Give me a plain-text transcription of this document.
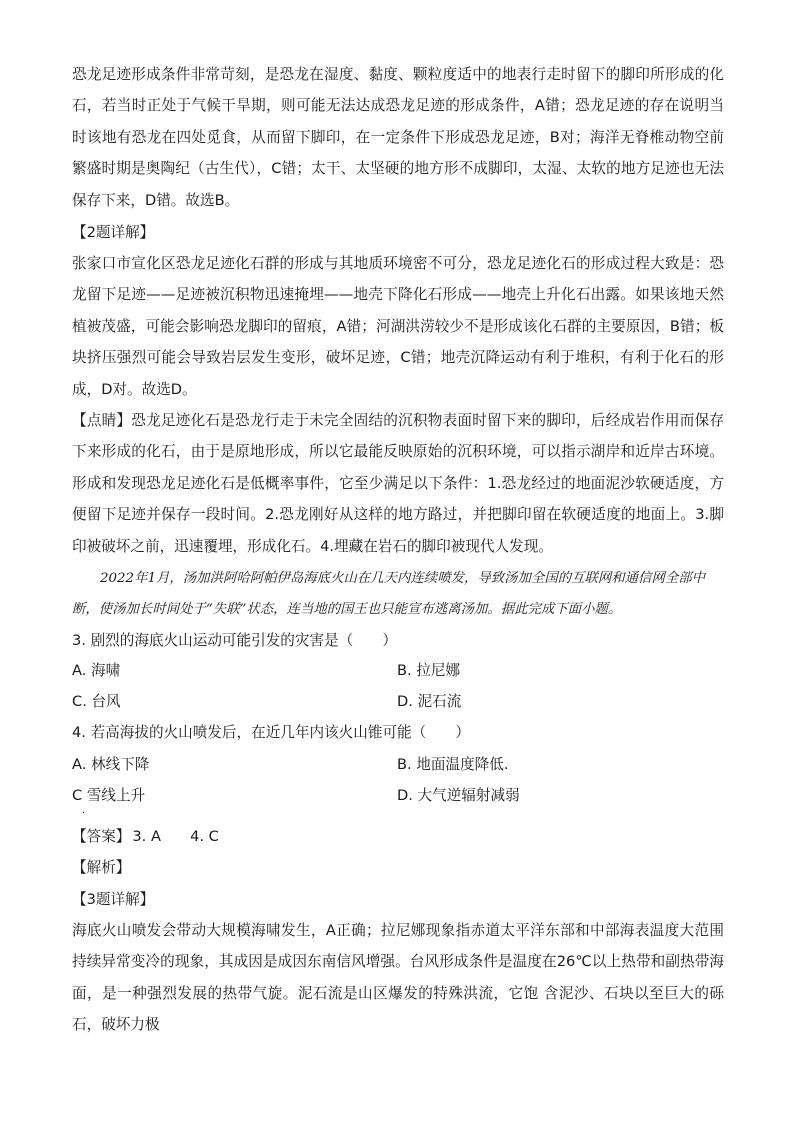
恐龙足迹形成条件非常苛刻，是恐龙在湿度、黏度、颗粒度适中的地表行走时留下的脚印所形成的化石，若当时正处于气候干旱期，则可能无法达成恐龙足迹的形成条件，A错；恐龙足迹的存在说明当时该地有恐龙在四处觅食，从而留下脚印，在一定条件下形成恐龙足迹，B对；海洋无脊椎动物空前繁盛时期是奥陶纪（古生代），C错；太干、太坚硬的地方形不成脚印，太湿、太软的地方足迹也无法保存下来，D错。故选B。

【2题详解】

张家口市宣化区恐龙足迹化石群的形成与其地质环境密不可分，恐龙足迹化石的形成过程大致是：恐龙留下足迹——足迹被沉积物迅速掩埋——地壳下降化石形成——地壳上升化石出露。如果该地天然植被茂盛，可能会影响恐龙脚印的留痕，A错；河湖洪涝较少不是形成该化石群的主要原因，B错；板块挤压强烈可能会导致岩层发生变形，破坏足迹，C错；地壳沉降运动有利于堆积，有利于化石的形成，D对。故选D。

【点睛】恐龙足迹化石是恐龙行走于未完全固结的沉积物表面时留下来的脚印，后经成岩作用而保存下来形成的化石，由于是原地形成，所以它最能反映原始的沉积环境，可以指示湖岸和近岸古环境。形成和发现恐龙足迹化石是低概率事件，它至少满足以下条件：1.恐龙经过的地面泥沙软硬适度，方便留下足迹并保存一段时间。2.恐龙刚好从这样的地方路过，并把脚印留在软硬适度的地面上。3.脚印被破坏之前，迅速覆埋，形成化石。4.埋藏在岩石的脚印被现代人发现。

2022年1月，汤加洪阿哈阿帕伊岛海底火山在几天内连续喷发，导致汤加全国的互联网和通信网全部中断，使汤加长时间处于“失联”状态，连当地的国王也只能宣布逃离汤加。据此完成下面小题。

3. 剧烈的海底火山运动可能引发的灾害是（　　）

A. 海啸	B. 拉尼娜

C. 台风	D. 泥石流

4. 若高海拔的火山喷发后，在近几年内该火山锥可能（　　）

A. 林线下降	B. 地面温度降低.

C 雪线上升	D. 大气逆辐射减弱

·

【答案】 3. A　　4. C

【解析】

【3题详解】

海底火山喷发会带动大规模海啸发生，A正确；拉尼娜现象指赤道太平洋东部和中部海表温度大范围持续异常变冷的现象，其成因是成因东南信风增强。台风形成条件是温度在26℃以上热带和副热带海面，是一种强烈发展的热带气旋。泥石流是山区爆发的特殊洪流，它饱 含泥沙、石块以至巨大的砾石，破坏力极
